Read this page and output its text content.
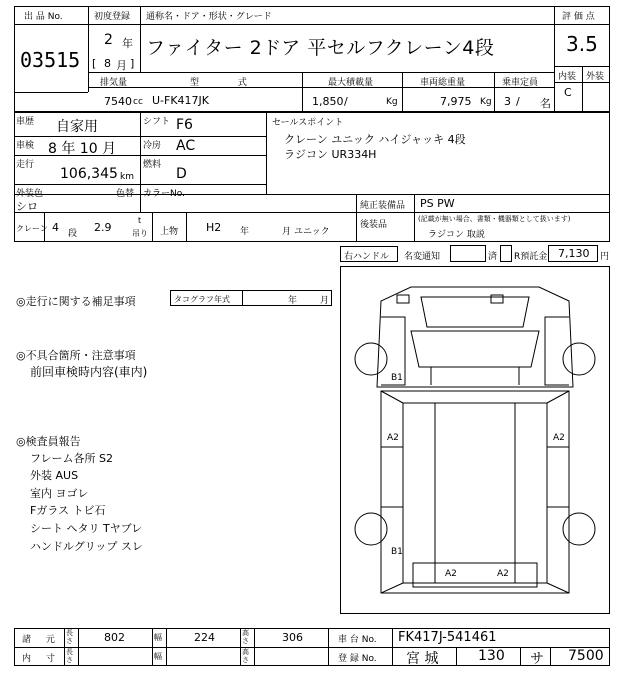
出 品 No.
03515
初度登録 通称名・ドア・形状・グレード
2 年
[ 8 月 ]
ファイター 2ドア 平セルフクレーン4段
評 価 点
3.5
内装 外装
C
排気量	型 式	最大積載量	車両総重量	乗車定員
7540 cc U-FK417JK	1,850 /	Kg	7,975 Kg 3 / 名
車歴 自家用	シフト F6
車検 8 年 10 月	冷房 AC
走行
106,345 km
燃料
D
外装色	色替 カラーNo.
シロ
セールスポイント
クレーン ユニック ハイジャッキ 4段
ラジコン UR334H
純正装備品 PS PW
後装品
(記載が無い場合、書類・機器類として扱います)
ラジコン 取説
クレーン 4 段 2.9
t
吊り 上物	H2 年	月 ユニック
右ハンドル 名変通知	済 R預託金 7,130 円
◎走行に関する補足事項	タコグラフ年式	年	月
◎不具合箇所・注意事項
前回車検時内容(車内)
◎検査員報告
フレーム各所 S2
外装 AUS
室内 ヨゴレ
Fガラス トビ石
シート ヘタリ Tヤブレ
ハンドルグリップ スレ
B1
A2	A2
B1
A2	A2
諸 元
長さ	802	幅	224	高さ	306	車 台 No. FK417J-541461
内 寸
長さ	幅	高さ	登 録 No. 宮 城	130 サ 7500
